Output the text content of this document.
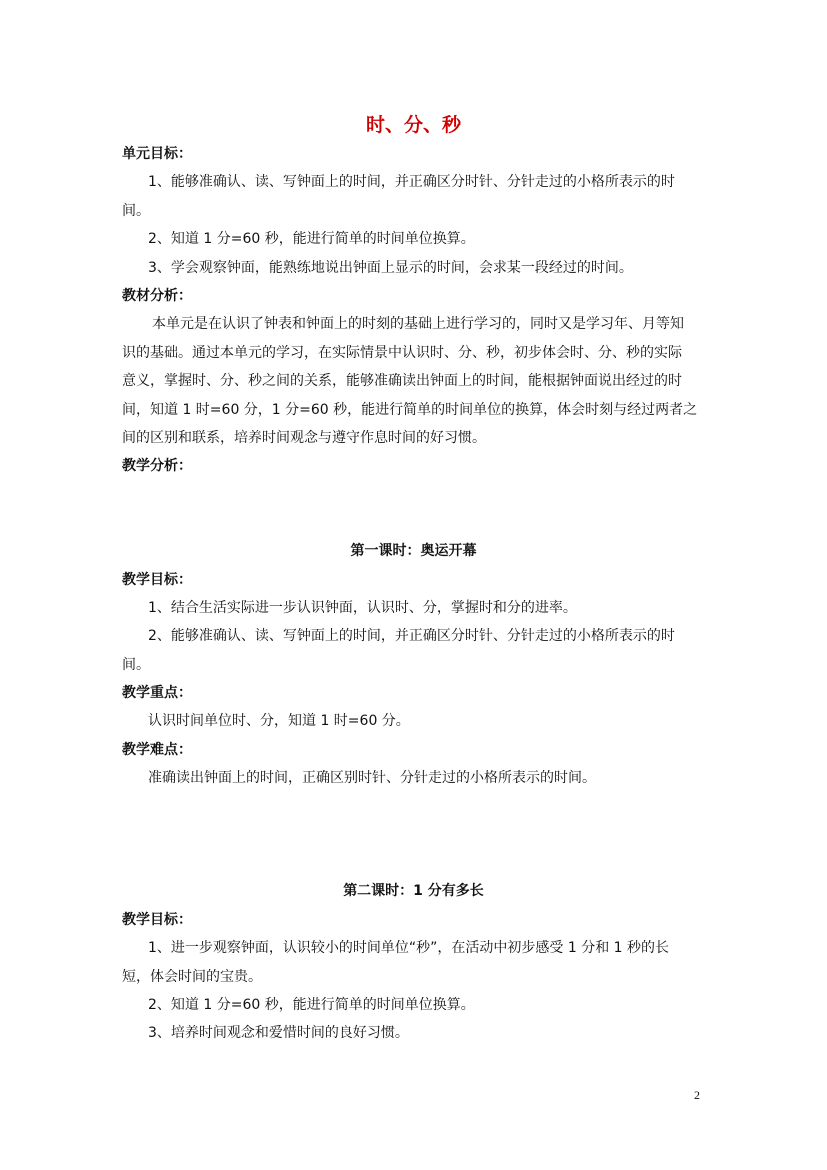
时、分、秒
单元目标：
1、能够准确认、读、写钟面上的时间，并正确区分时针、分针走过的小格所表示的时
间。
2、知道 1 分=60 秒，能进行简单的时间单位换算。
3、学会观察钟面，能熟练地说出钟面上显示的时间，会求某一段经过的时间。
教材分析：
本单元是在认识了钟表和钟面上的时刻的基础上进行学习的，同时又是学习年、月等知
识的基础。通过本单元的学习，在实际情景中认识时、分、秒，初步体会时、分、秒的实际
意义，掌握时、分、秒之间的关系，能够准确读出钟面上的时间，能根据钟面说出经过的时
间，知道 1 时=60 分，1 分=60 秒，能进行简单的时间单位的换算，体会时刻与经过两者之
间的区别和联系，培养时间观念与遵守作息时间的好习惯。
教学分析：
第一课时：奥运开幕
教学目标：
1、结合生活实际进一步认识钟面，认识时、分，掌握时和分的进率。
2、能够准确认、读、写钟面上的时间，并正确区分时针、分针走过的小格所表示的时
间。
教学重点：
认识时间单位时、分，知道 1 时=60 分。
教学难点：
准确读出钟面上的时间，正确区别时针、分针走过的小格所表示的时间。
第二课时：1 分有多长
教学目标：
1、进一步观察钟面，认识较小的时间单位“秒”，在活动中初步感受 1 分和 1 秒的长
短，体会时间的宝贵。
2、知道 1 分=60 秒，能进行简单的时间单位换算。
3、培养时间观念和爱惜时间的良好习惯。
2
